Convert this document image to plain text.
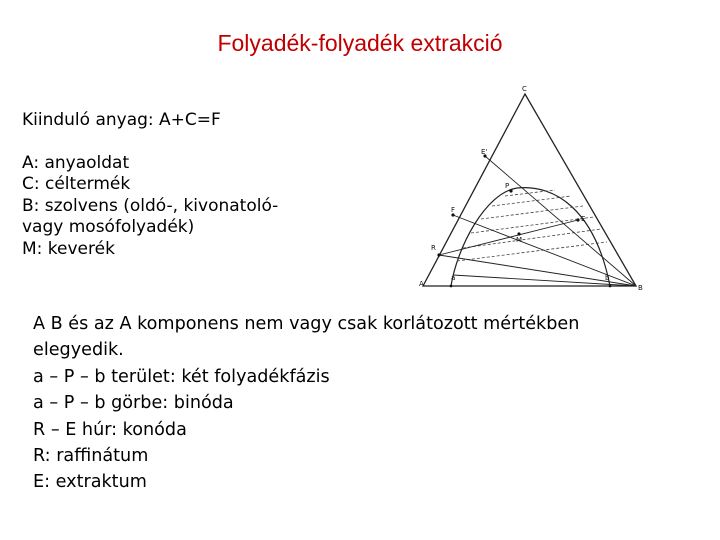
Folyadék-folyadék extrakció
Kiinduló anyag: A+C=F
A: anyaoldat
C: céltermék
B: szolvens (oldó-, kivonatoló-
vagy mosófolyadék)
M: keverék
C
A	B
a	b
P
E
E'
F
R
M
A B és az A komponens nem vagy csak korlátozott mértékben
elegyedik.
a – P – b terület: két folyadékfázis
a – P – b görbe: binóda
R – E húr: konóda
R: raffinátum
E: extraktum
